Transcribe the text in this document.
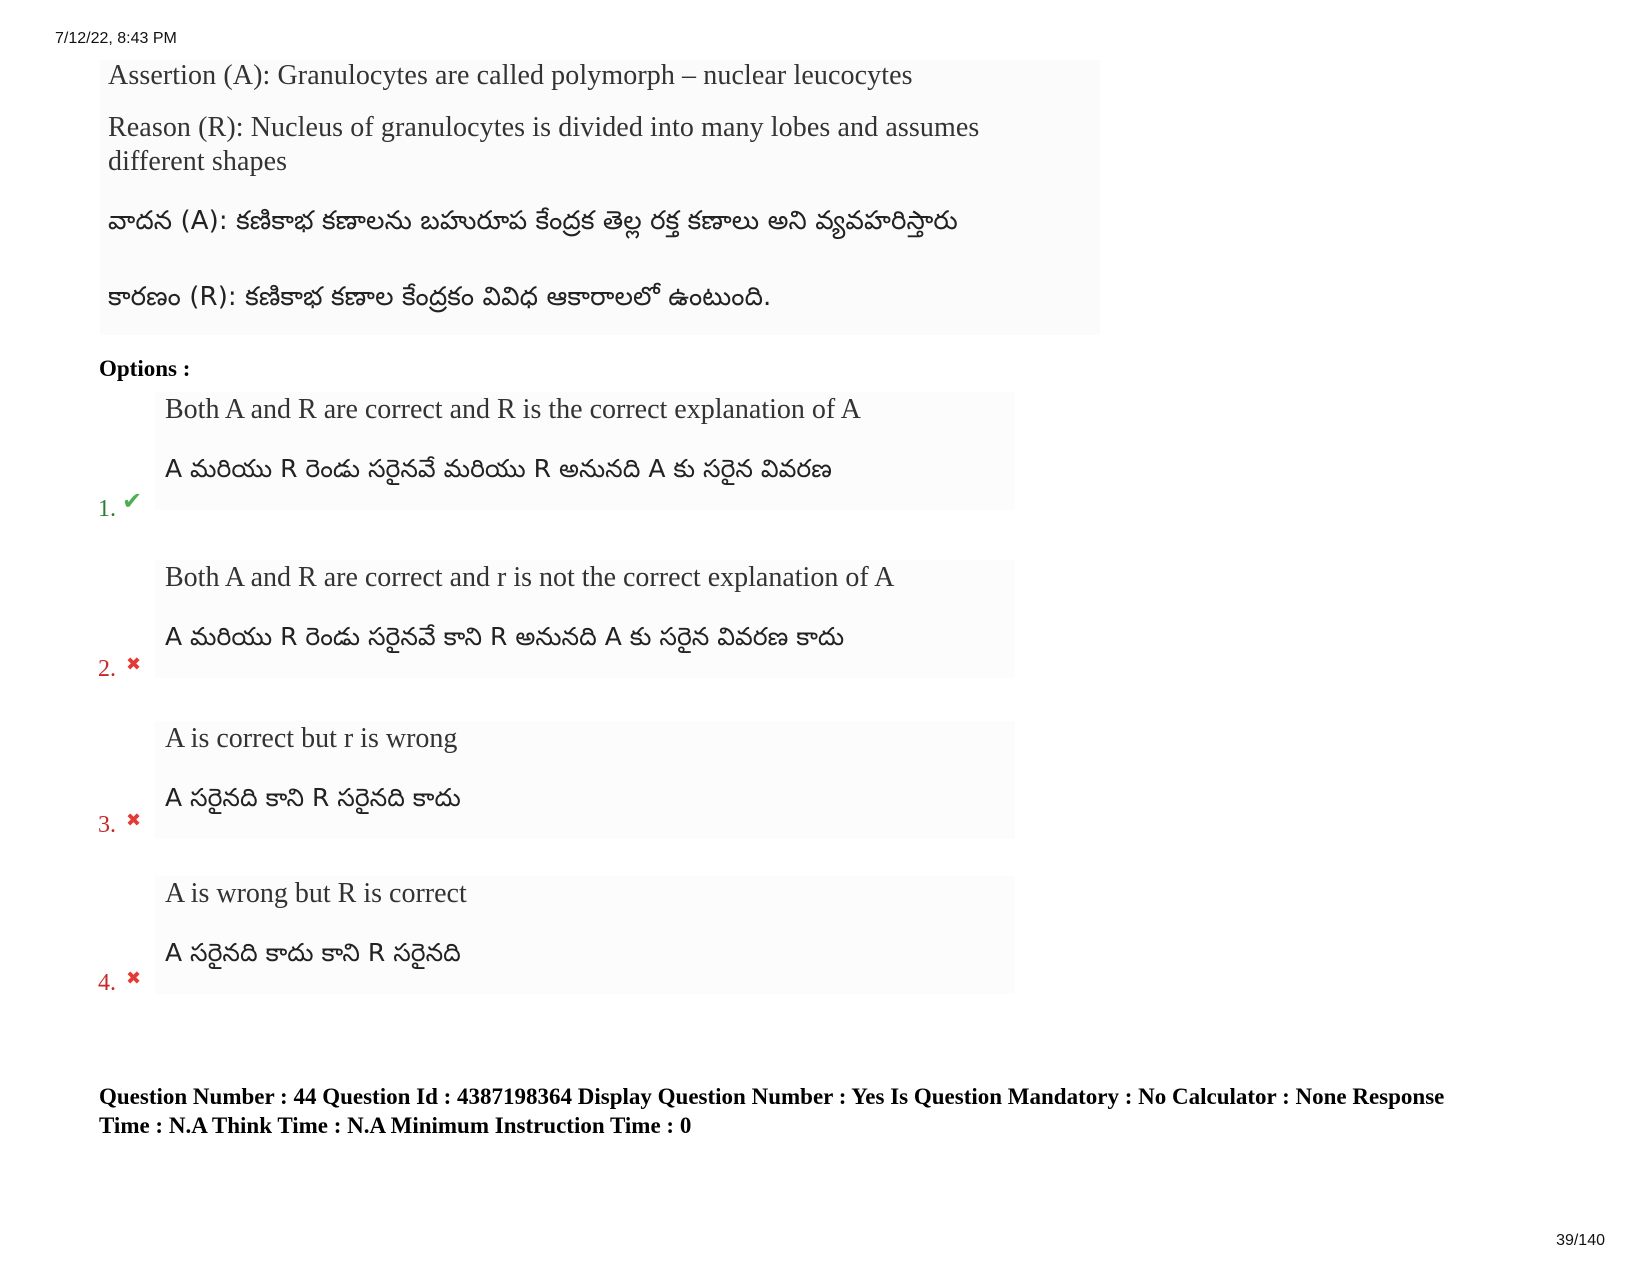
7/12/22, 8:43 PM
Assertion (A): Granulocytes are called polymorph – nuclear leucocytes
Reason (R): Nucleus of granulocytes is divided into many lobes and assumes
different shapes
వాదన (A): కణికాభ కణాలను బహురూప కేంద్రక తెల్ల రక్త కణాలు అని వ్యవహరిస్తారు
కారణం (R): కణికాభ కణాల కేంద్రకం వివిధ ఆకారాలలో ఉంటుంది.
Options :
Both A and R are correct and R is the correct explanation of A
A మరియు R రెండు సరైనవే మరియు R అనునది A కు సరైన వివరణ
1. ✔
Both A and R are correct and r is not the correct explanation of A
A మరియు R రెండు సరైనవే కాని R అనునది A కు సరైన వివరణ కాదు
2. ✖
A is correct but r is wrong
A సరైనది కాని R సరైనది కాదు
3. ✖
A is wrong but R is correct
A సరైనది కాదు కాని R సరైనది
4. ✖
Question Number : 44 Question Id : 4387198364 Display Question Number : Yes Is Question Mandatory : No Calculator : None Response
Time : N.A Think Time : N.A Minimum Instruction Time : 0
39/140
